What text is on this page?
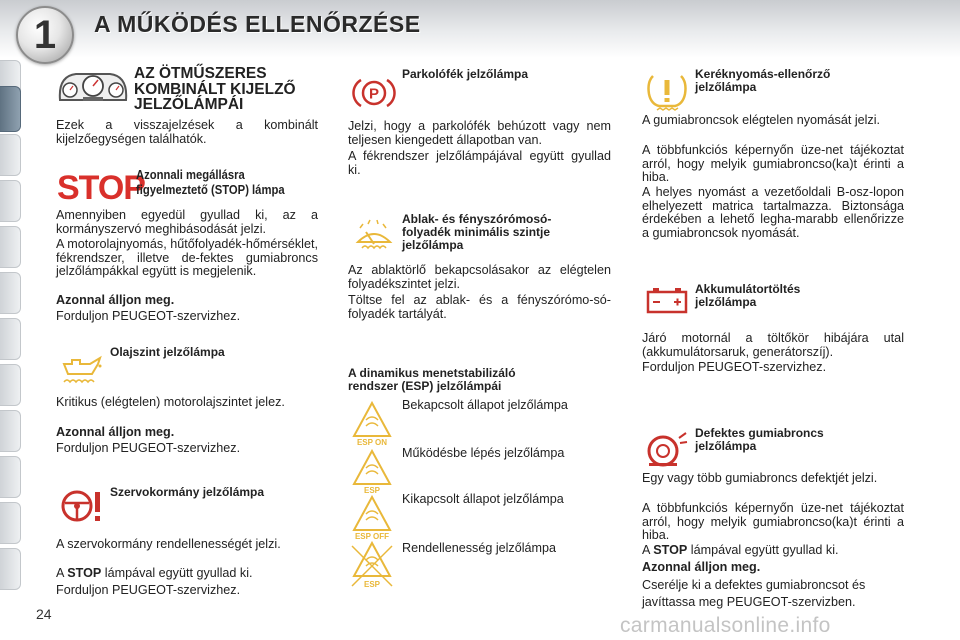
1	A MŰKÖDÉS ELLENŐRZÉSE
AZ ÖTMŰSZERES
KOMBINÁLT KIJELZŐ
JELZŐLÁMPÁI
Ezek a visszajelzések a kombinált kijelzőegységen találhatók.
STOP
Azonnali megállásra
figyelmeztető (STOP) lámpa
Amennyiben egyedül gyullad ki, az a kormányszervó meghibásodását jelzi.
A motorolajnyomás, hűtőfolyadék-hőmérséklet, fékrendszer, illetve de-fektes gumiabroncs jelzőlámpákkal együtt is megjelenik.
Azonnal álljon meg.
Forduljon PEUGEOT-szervizhez.
Olajszint jelzőlámpa
Kritikus (elégtelen) motorolajszintet jelez.
Azonnal álljon meg.
Forduljon PEUGEOT-szervizhez.
Szervokormány jelzőlámpa
A szervokormány rendellenességét jelzi.
A STOP lámpával együtt gyullad ki.
Forduljon PEUGEOT-szervizhez.
P
Parkolófék jelzőlámpa
Jelzi, hogy a parkolófék behúzott vagy nem teljesen kiengedett állapotban van.
A fékrendszer jelzőlámpájával együtt gyullad ki.
Ablak- és fényszórómosó-
folyadék minimális szintje
jelzőlámpa
Az ablaktörlő bekapcsolásakor az elégtelen folyadékszintet jelzi.
Töltse fel az ablak- és a fényszórómo-só-folyadék tartályát.
A dinamikus menetstabilizáló
rendszer (ESP) jelzőlámpái
ESP ON
Bekapcsolt állapot jelzőlámpa
ESP
Működésbe lépés jelzőlámpa
ESP OFF
Kikapcsolt állapot jelzőlámpa
ESP
Rendellenesség jelzőlámpa
Keréknyomás-ellenőrző
jelzőlámpa
A gumiabroncsok elégtelen nyomását jelzi.
A többfunkciós képernyőn üze-net tájékoztat arról, hogy melyik gumiabroncso(ka)t érinti a hiba.
A helyes nyomást a vezetőoldali B-osz-lopon elhelyezett matrica tartalmazza. Biztonsága érdekében a lehető legha-marabb ellenőrizze a gumiabroncsok nyomását.
Akkumulátortöltés
jelzőlámpa
Járó motornál a töltőkör hibájára utal (akkumulátorsaruk, generátorszíj).
Forduljon PEUGEOT-szervizhez.
Defektes gumiabroncs
jelzőlámpa
Egy vagy több gumiabroncs defektjét jelzi.
A többfunkciós képernyőn üze-net tájékoztat arról, hogy melyik gumiabroncso(ka)t érinti a hiba.
A STOP lámpával együtt gyullad ki.
Azonnal álljon meg.
Cserélje ki a defektes gumiabroncsot és javíttassa meg PEUGEOT-szervizben.
24	carmanualsonline.info
